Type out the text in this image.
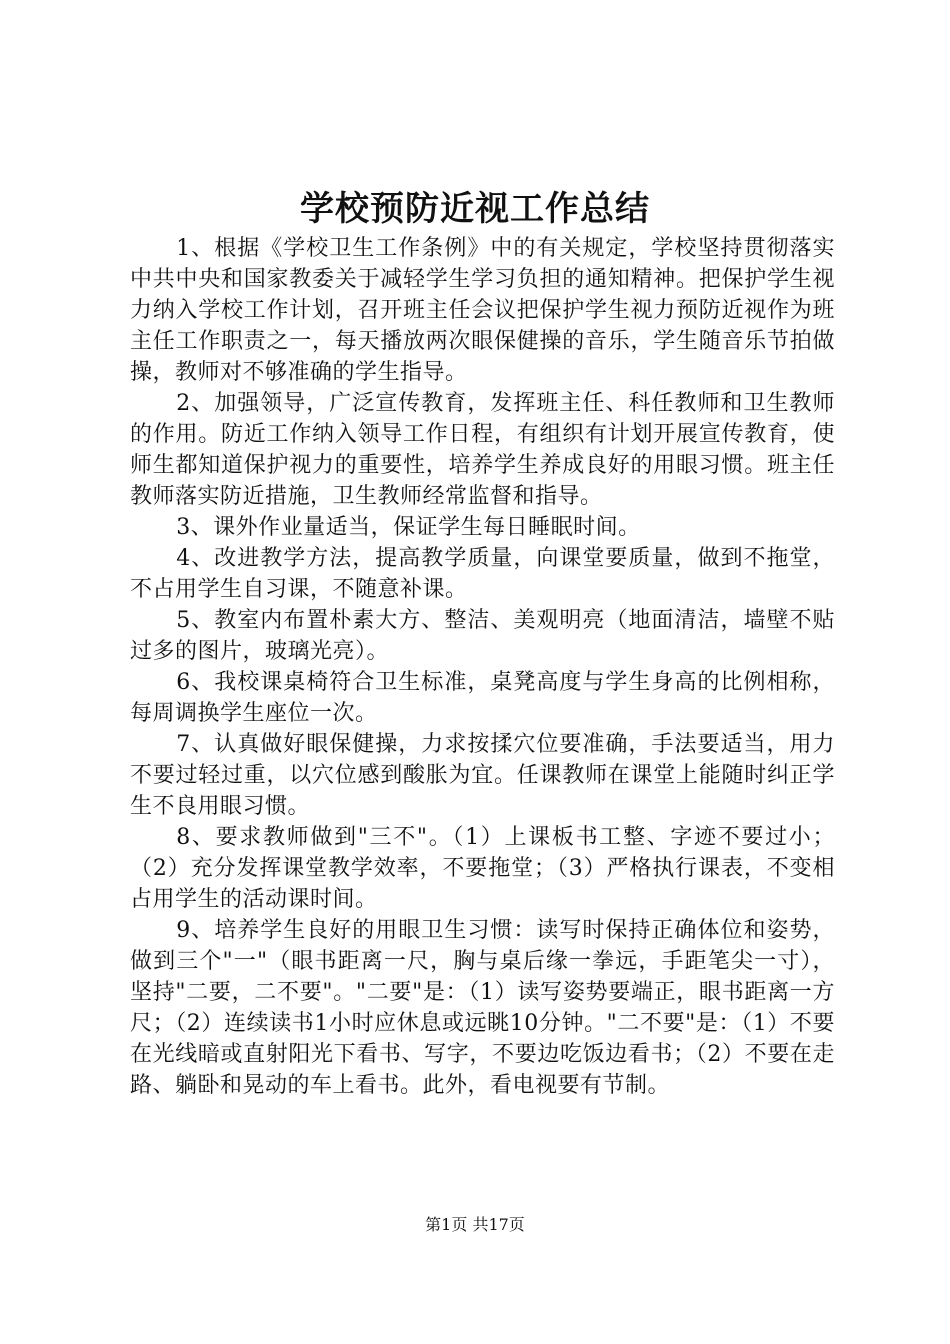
学校预防近视工作总结

1、根据《学校卫生工作条例》中的有关规定，学校坚持贯彻落实中共中央和国家教委关于减轻学生学习负担的通知精神。把保护学生视力纳入学校工作计划，召开班主任会议把保护学生视力预防近视作为班主任工作职责之一，每天播放两次眼保健操的音乐，学生随音乐节拍做操，教师对不够准确的学生指导。

2、加强领导，广泛宣传教育，发挥班主任、科任教师和卫生教师的作用。防近工作纳入领导工作日程，有组织有计划开展宣传教育，使师生都知道保护视力的重要性，培养学生养成良好的用眼习惯。班主任教师落实防近措施，卫生教师经常监督和指导。

3、课外作业量适当，保证学生每日睡眠时间。

4、改进教学方法，提高教学质量，向课堂要质量，做到不拖堂，不占用学生自习课，不随意补课。

5、教室内布置朴素大方、整洁、美观明亮（地面清洁，墙壁不贴过多的图片，玻璃光亮）。

6、我校课桌椅符合卫生标准，桌凳高度与学生身高的比例相称，每周调换学生座位一次。

7、认真做好眼保健操，力求按揉穴位要准确，手法要适当，用力不要过轻过重，以穴位感到酸胀为宜。任课教师在课堂上能随时纠正学生不良用眼习惯。

8、要求教师做到"三不"。（1）上课板书工整、字迹不要过小；（2）充分发挥课堂教学效率，不要拖堂；（3）严格执行课表，不变相占用学生的活动课时间。

9、培养学生良好的用眼卫生习惯：读写时保持正确体位和姿势，做到三个"一"（眼书距离一尺，胸与桌后缘一拳远，手距笔尖一寸），坚持"二要，二不要"。"二要"是：（1）读写姿势要端正，眼书距离一方尺；（2）连续读书1小时应休息或远眺10分钟。"二不要"是：（1）不要在光线暗或直射阳光下看书、写字，不要边吃饭边看书；（2）不要在走路、躺卧和晃动的车上看书。此外，看电视要有节制。

第1页 共17页
